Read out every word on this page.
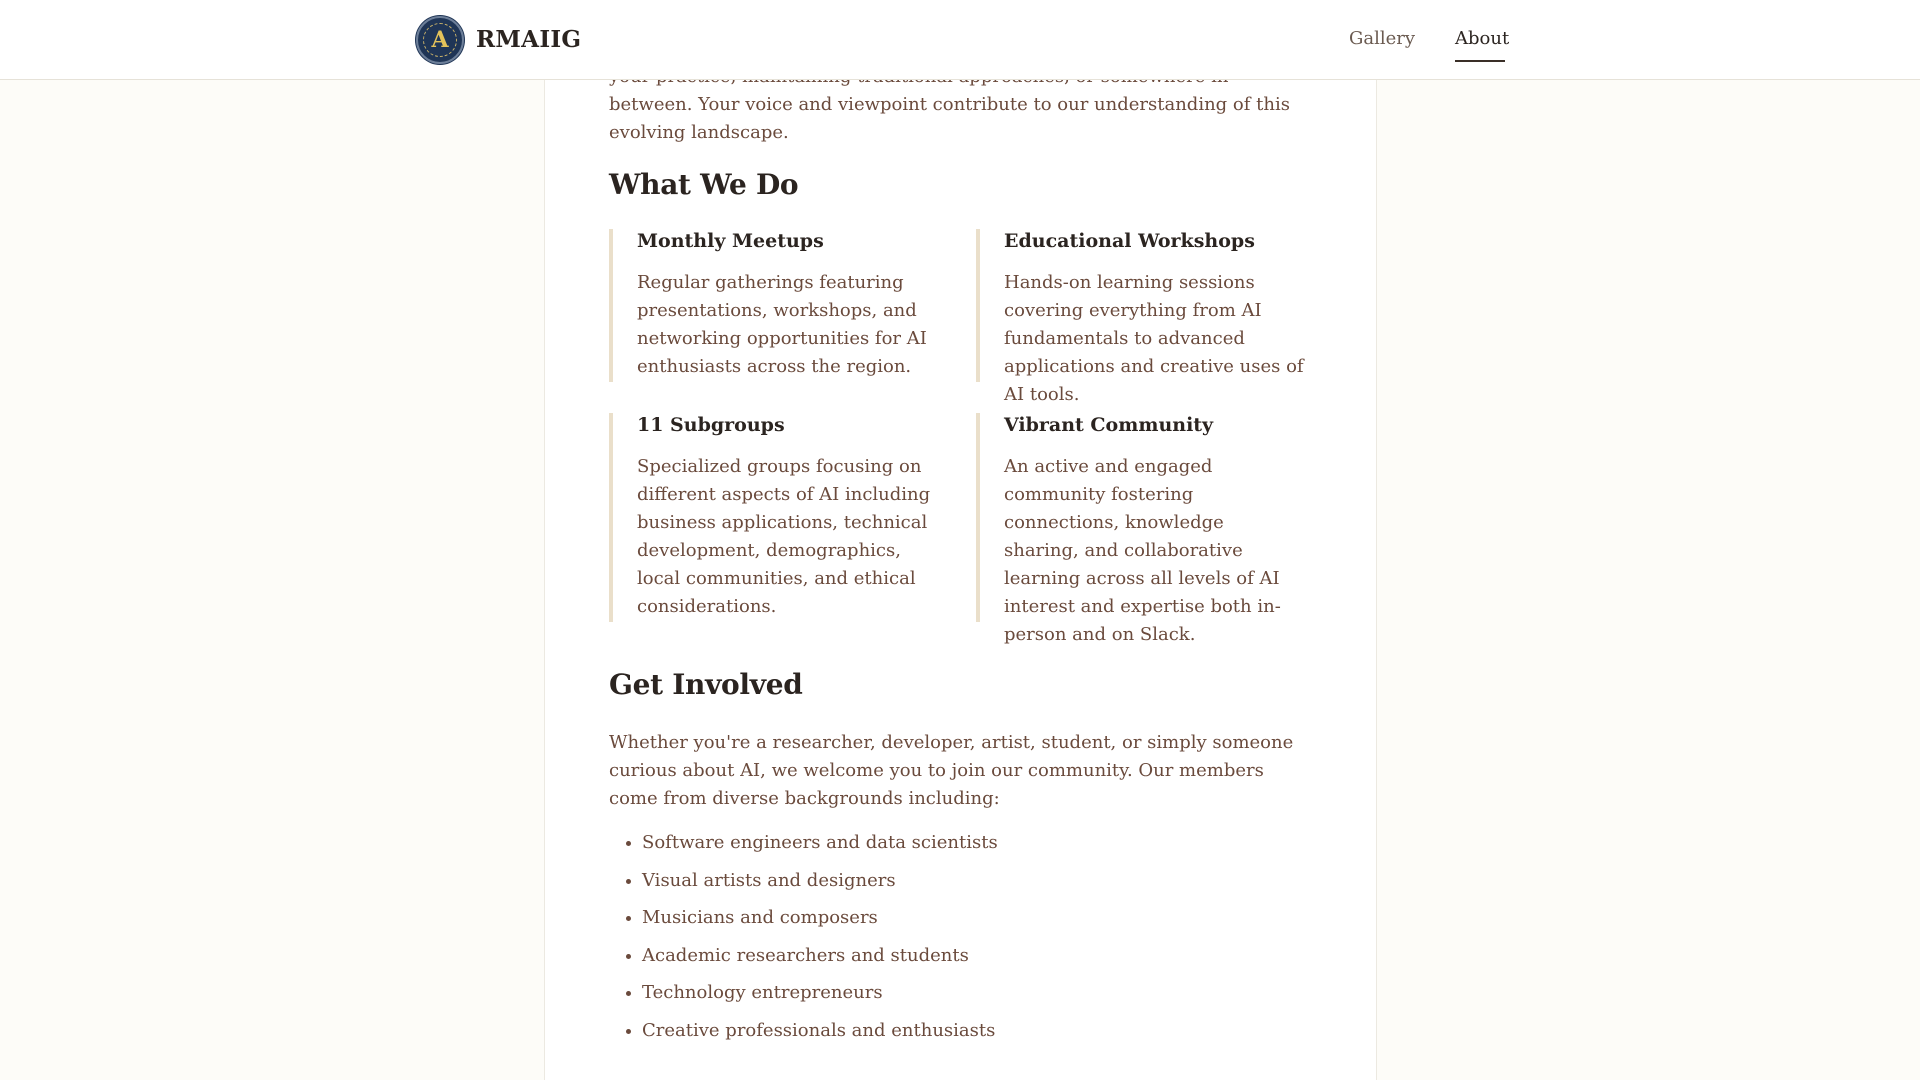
between. Your voice and viewpoint contribute to our understanding of this evolving landscape.

What We Do
Monthly Meetups

Regular gatherings featuring presentations, workshops, and networking opportunities for AI enthusiasts across the region.

Educational Workshops

Hands-on learning sessions covering everything from AI fundamentals to advanced applications and creative uses of AI tools.

11 Subgroups

Specialized groups focusing on different aspects of AI including business applications, technical development, demographics, local communities, and ethical considerations.

Vibrant Community

An active and engaged community fostering connections, knowledge sharing, and collaborative learning across all levels of AI interest and expertise both in-person and on Slack.

Get Involved

Whether you're a researcher, developer, artist, student, or simply someone curious about AI, we welcome you to join our community. Our members come from diverse backgrounds including:

Software engineers and data scientists
Visual artists and designers
Musicians and composers
Academic researchers and students
Technology entrepreneurs
Creative professionals and enthusiasts
A	RMAIIG	Gallery About
